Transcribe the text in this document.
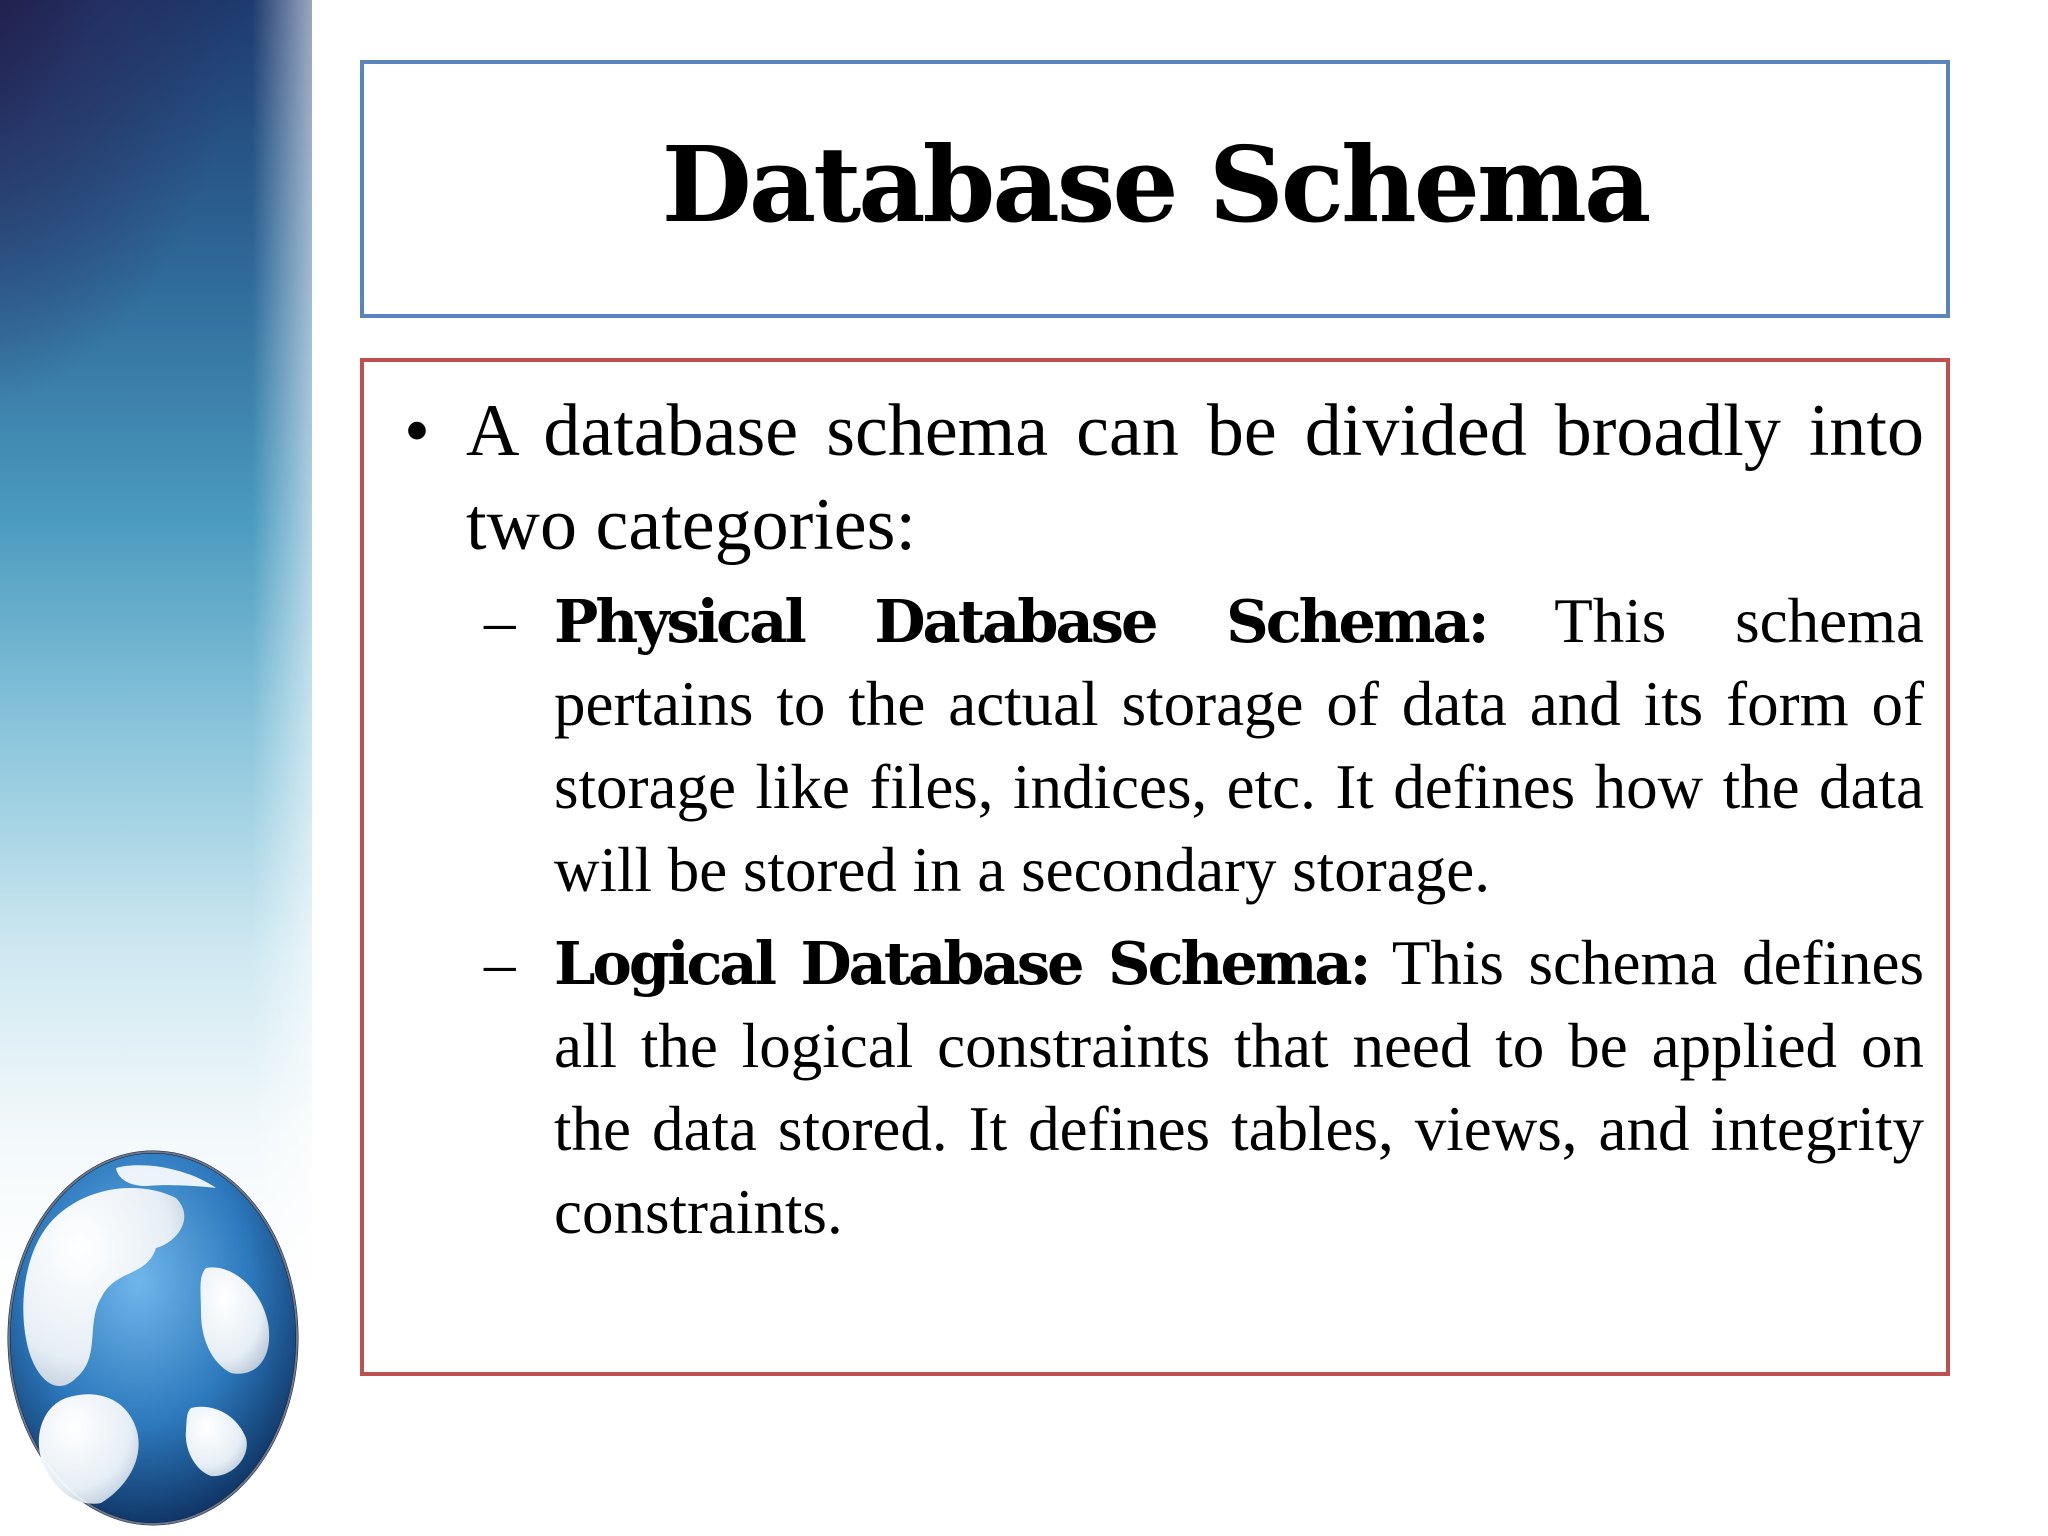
Database Schema
• A database schema can be divided broadly into two categories:
– Physical Database Schema: This schema pertains to the actual storage of data and its form of storage like files, indices, etc. It defines how the data will be stored in a secondary storage.
– Logical Database Schema: This schema defines all the logical constraints that need to be applied on the data stored. It defines tables, views, and integrity constraints.
